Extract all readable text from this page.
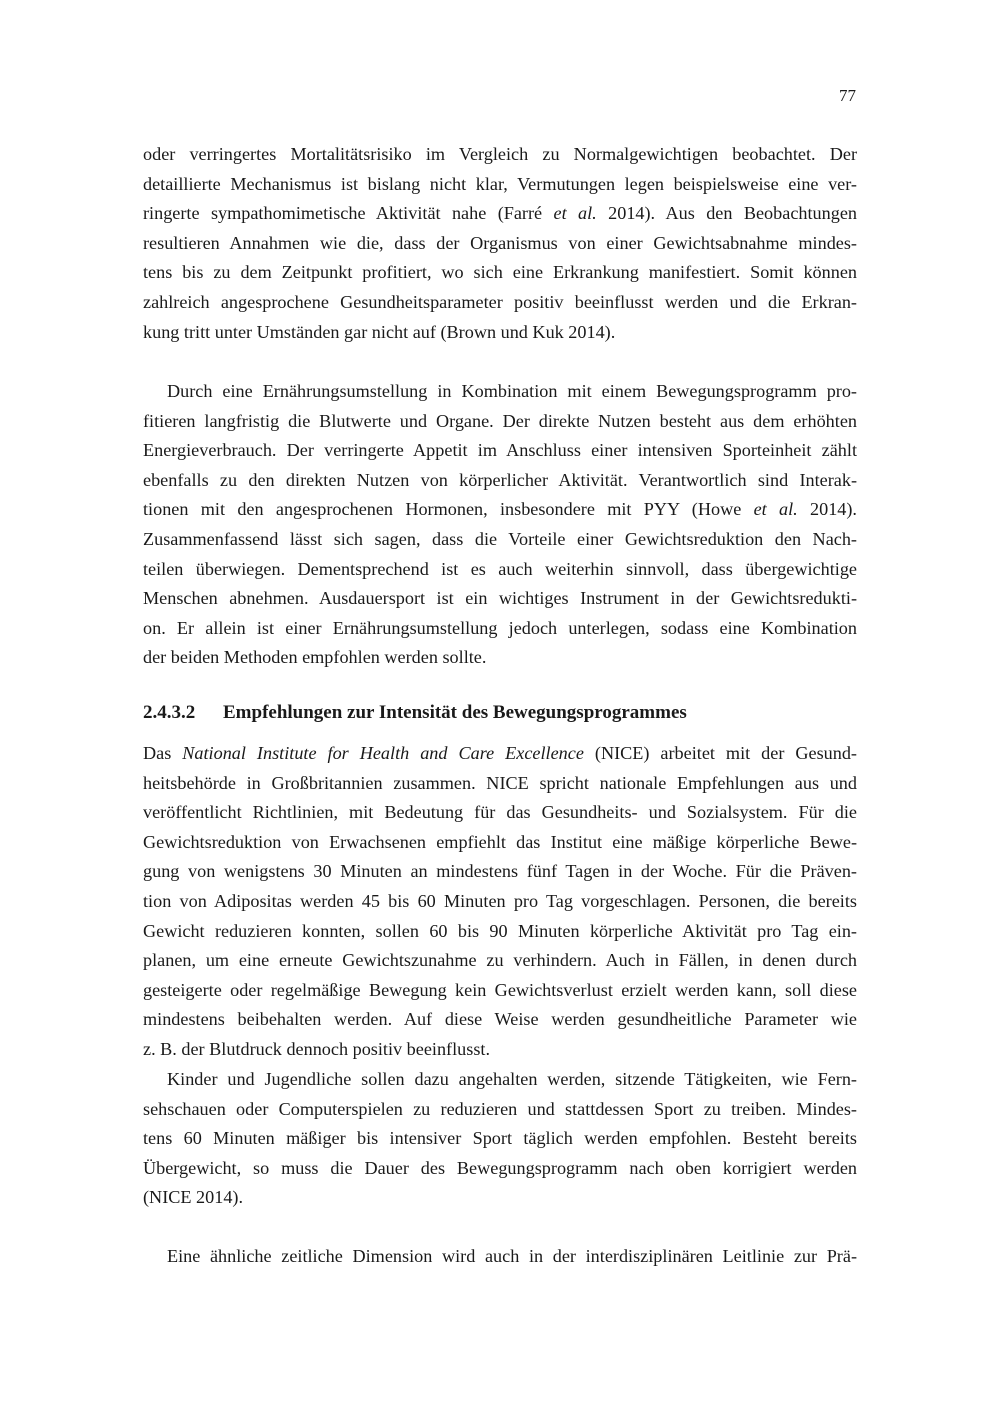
77
oder verringertes Mortalitätsrisiko im Vergleich zu Normalgewichtigen beobachtet. Der
detaillierte Mechanismus ist bislang nicht klar, Vermutungen legen beispielsweise eine ver-
ringerte sympathomimetische Aktivität nahe (Farré et al. 2014). Aus den Beobachtungen
resultieren Annahmen wie die, dass der Organismus von einer Gewichtsabnahme mindes-
tens bis zu dem Zeitpunkt profitiert, wo sich eine Erkrankung manifestiert. Somit können
zahlreich angesprochene Gesundheitsparameter positiv beeinflusst werden und die Erkran-
kung tritt unter Umständen gar nicht auf (Brown und Kuk 2014).
Durch eine Ernährungsumstellung in Kombination mit einem Bewegungsprogramm pro-
fitieren langfristig die Blutwerte und Organe. Der direkte Nutzen besteht aus dem erhöhten
Energieverbrauch. Der verringerte Appetit im Anschluss einer intensiven Sporteinheit zählt
ebenfalls zu den direkten Nutzen von körperlicher Aktivität. Verantwortlich sind Interak-
tionen mit den angesprochenen Hormonen, insbesondere mit PYY (Howe et al. 2014).
Zusammenfassend lässt sich sagen, dass die Vorteile einer Gewichtsreduktion den Nach-
teilen überwiegen. Dementsprechend ist es auch weiterhin sinnvoll, dass übergewichtige
Menschen abnehmen. Ausdauersport ist ein wichtiges Instrument in der Gewichtsredukti-
on. Er allein ist einer Ernährungsumstellung jedoch unterlegen, sodass eine Kombination
der beiden Methoden empfohlen werden sollte.
2.4.3.2 Empfehlungen zur Intensität des Bewegungsprogrammes
Das National Institute for Health and Care Excellence (NICE) arbeitet mit der Gesund-
heitsbehörde in Großbritannien zusammen. NICE spricht nationale Empfehlungen aus und
veröffentlicht Richtlinien, mit Bedeutung für das Gesundheits- und Sozialsystem. Für die
Gewichtsreduktion von Erwachsenen empfiehlt das Institut eine mäßige körperliche Bewe-
gung von wenigstens 30 Minuten an mindestens fünf Tagen in der Woche. Für die Präven-
tion von Adipositas werden 45 bis 60 Minuten pro Tag vorgeschlagen. Personen, die bereits
Gewicht reduzieren konnten, sollen 60 bis 90 Minuten körperliche Aktivität pro Tag ein-
planen, um eine erneute Gewichtszunahme zu verhindern. Auch in Fällen, in denen durch
gesteigerte oder regelmäßige Bewegung kein Gewichtsverlust erzielt werden kann, soll diese
mindestens beibehalten werden. Auf diese Weise werden gesundheitliche Parameter wie
z. B. der Blutdruck dennoch positiv beeinflusst.
Kinder und Jugendliche sollen dazu angehalten werden, sitzende Tätigkeiten, wie Fern-
sehschauen oder Computerspielen zu reduzieren und stattdessen Sport zu treiben. Mindes-
tens 60 Minuten mäßiger bis intensiver Sport täglich werden empfohlen. Besteht bereits
Übergewicht, so muss die Dauer des Bewegungsprogramm nach oben korrigiert werden
(NICE 2014).
Eine ähnliche zeitliche Dimension wird auch in der interdisziplinären Leitlinie zur Prä-
